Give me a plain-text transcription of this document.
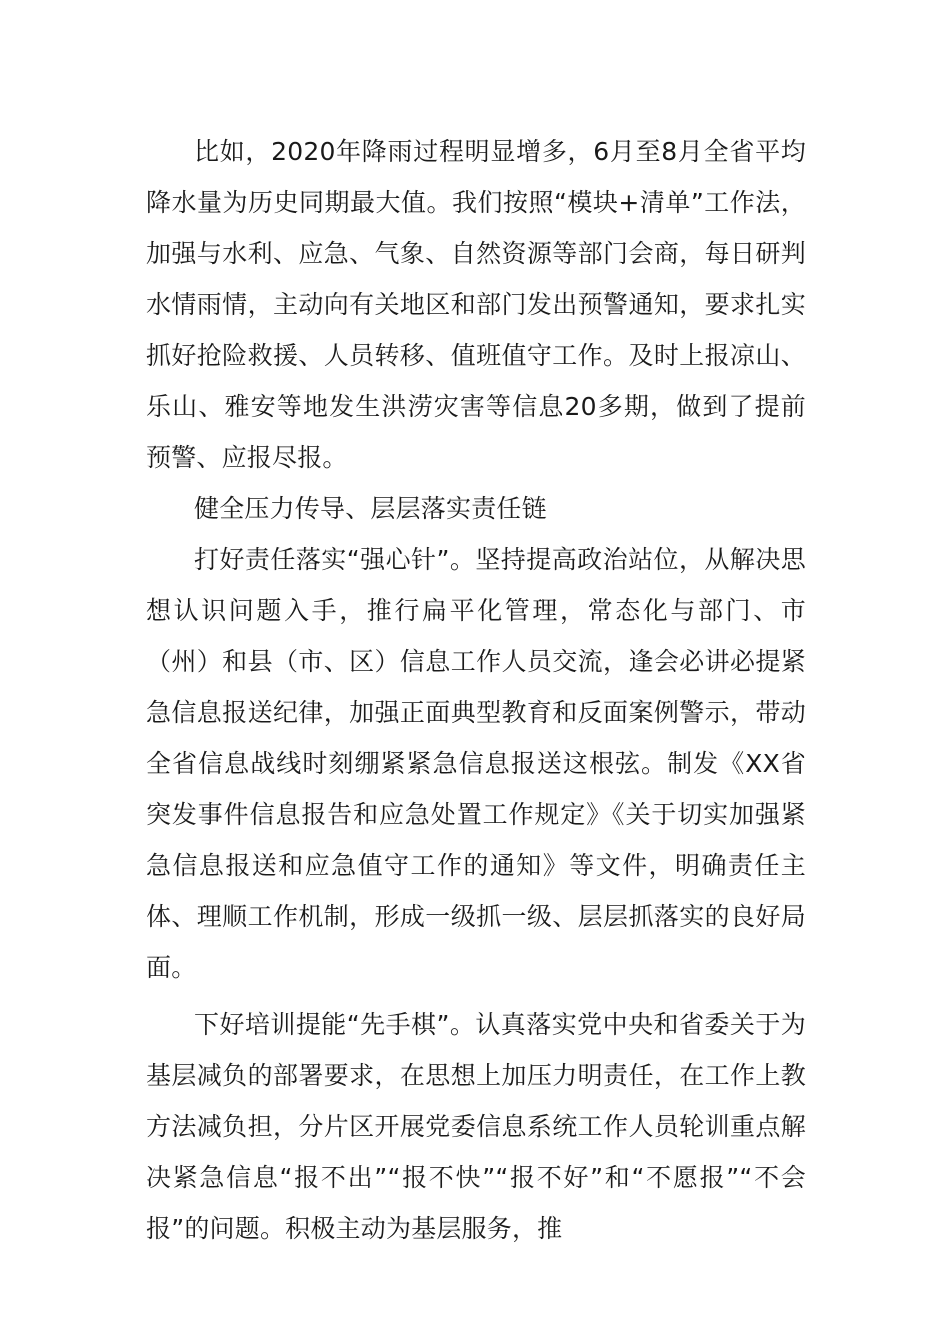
比如，2020年降雨过程明显增多，6月至8月全省平均降水量为历史同期最大值。我们按照“模块+清单”工作法，加强与水利、应急、气象、自然资源等部门会商，每日研判水情雨情，主动向有关地区和部门发出预警通知，要求扎实抓好抢险救援、人员转移、值班值守工作。及时上报凉山、乐山、雅安等地发生洪涝灾害等信息20多期，做到了提前预警、应报尽报。

健全压力传导、层层落实责任链

打好责任落实“强心针”。坚持提高政治站位，从解决思想认识问题入手，推行扁平化管理，常态化与部门、市（州）和县（市、区）信息工作人员交流，逢会必讲必提紧急信息报送纪律，加强正面典型教育和反面案例警示，带动全省信息战线时刻绷紧紧急信息报送这根弦。制发《XX省突发事件信息报告和应急处置工作规定》《关于切实加强紧急信息报送和应急值守工作的通知》等文件，明确责任主体、理顺工作机制，形成一级抓一级、层层抓落实的良好局面。

下好培训提能“先手棋”。认真落实党中央和省委关于为基层减负的部署要求，在思想上加压力明责任，在工作上教方法减负担，分片区开展党委信息系统工作人员轮训重点解决紧急信息“报不出”“报不快”“报不好”和“不愿报”“不会报”的问题。积极主动为基层服务，推
